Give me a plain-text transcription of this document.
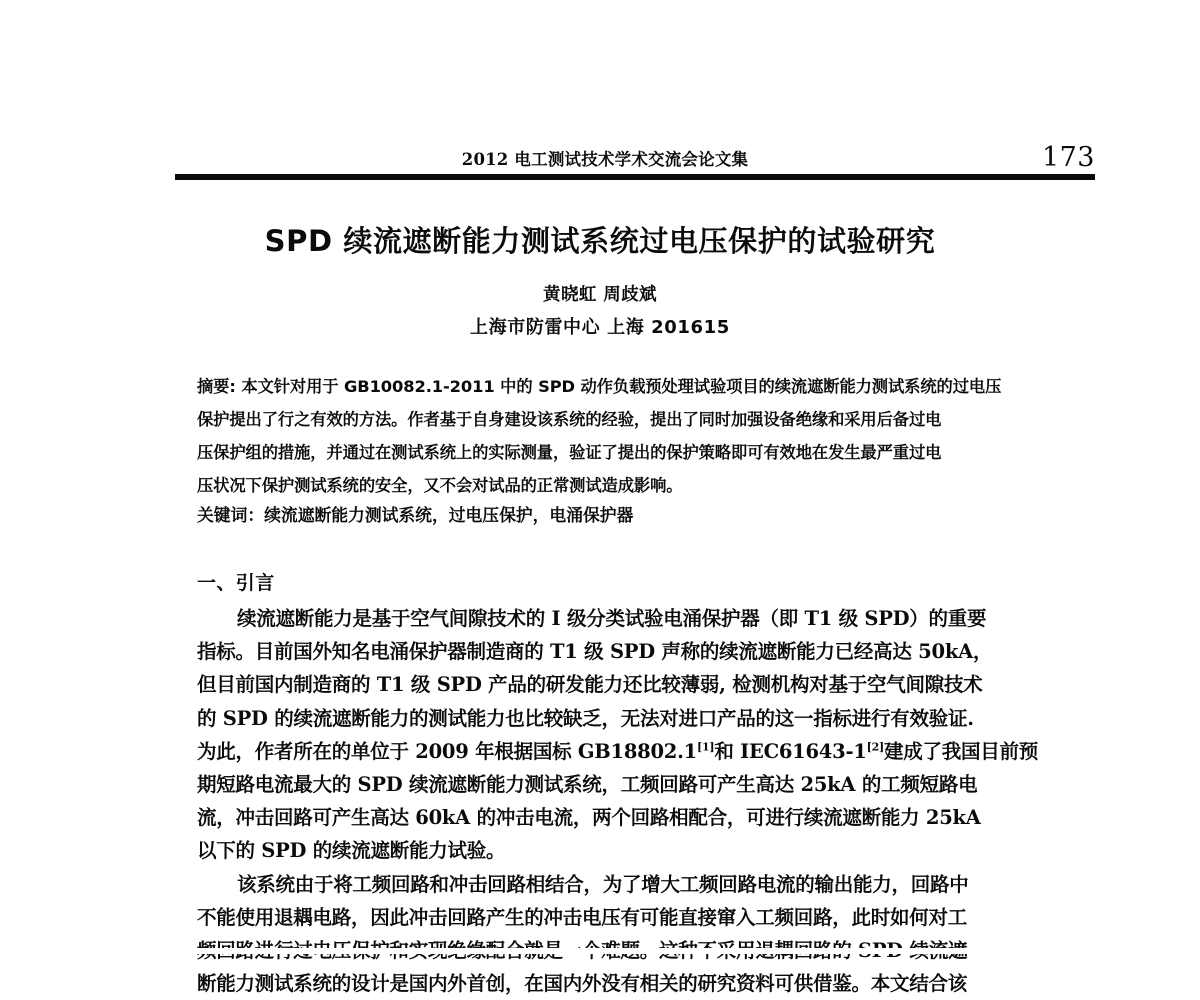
2012 电工测试技术学术交流会论文集	173
SPD 续流遮断能力测试系统过电压保护的试验研究
黄晓虹 周歧斌
上海市防雷中心 上海 201615
摘要: 本文针对用于 GB10082.1-2011 中的 SPD 动作负载预处理试验项目的续流遮断能力测试系统的过电压
保护提出了行之有效的方法。作者基于自身建设该系统的经验，提出了同时加强设备绝缘和采用后备过电
压保护组的措施，并通过在测试系统上的实际测量，验证了提出的保护策略即可有效地在发生最严重过电
压状况下保护测试系统的安全，又不会对试品的正常测试造成影响。
关键词：续流遮断能力测试系统，过电压保护，电涌保护器
一、引言
续流遮断能力是基于空气间隙技术的 I 级分类试验电涌保护器（即 T1 级 SPD）的重要
指标。目前国外知名电涌保护器制造商的 T1 级 SPD 声称的续流遮断能力已经高达 50kA，
但目前国内制造商的 T1 级 SPD 产品的研发能力还比较薄弱, 检测机构对基于空气间隙技术
的 SPD 的续流遮断能力的测试能力也比较缺乏，无法对进口产品的这一指标进行有效验证.
为此，作者所在的单位于 2009 年根据国标 GB18802.1[1]和 IEC61643-1[2]建成了我国目前预
期短路电流最大的 SPD 续流遮断能力测试系统，工频回路可产生高达 25kA 的工频短路电
流，冲击回路可产生高达 60kA 的冲击电流，两个回路相配合，可进行续流遮断能力 25kA
以下的 SPD 的续流遮断能力试验。
该系统由于将工频回路和冲击回路相结合，为了增大工频回路电流的输出能力，回路中
不能使用退耦电路，因此冲击回路产生的冲击电压有可能直接窜入工频回路，此时如何对工
断能力测试系统的设计是国内外首创，在国内外没有相关的研究资料可供借鉴。本文结合该
